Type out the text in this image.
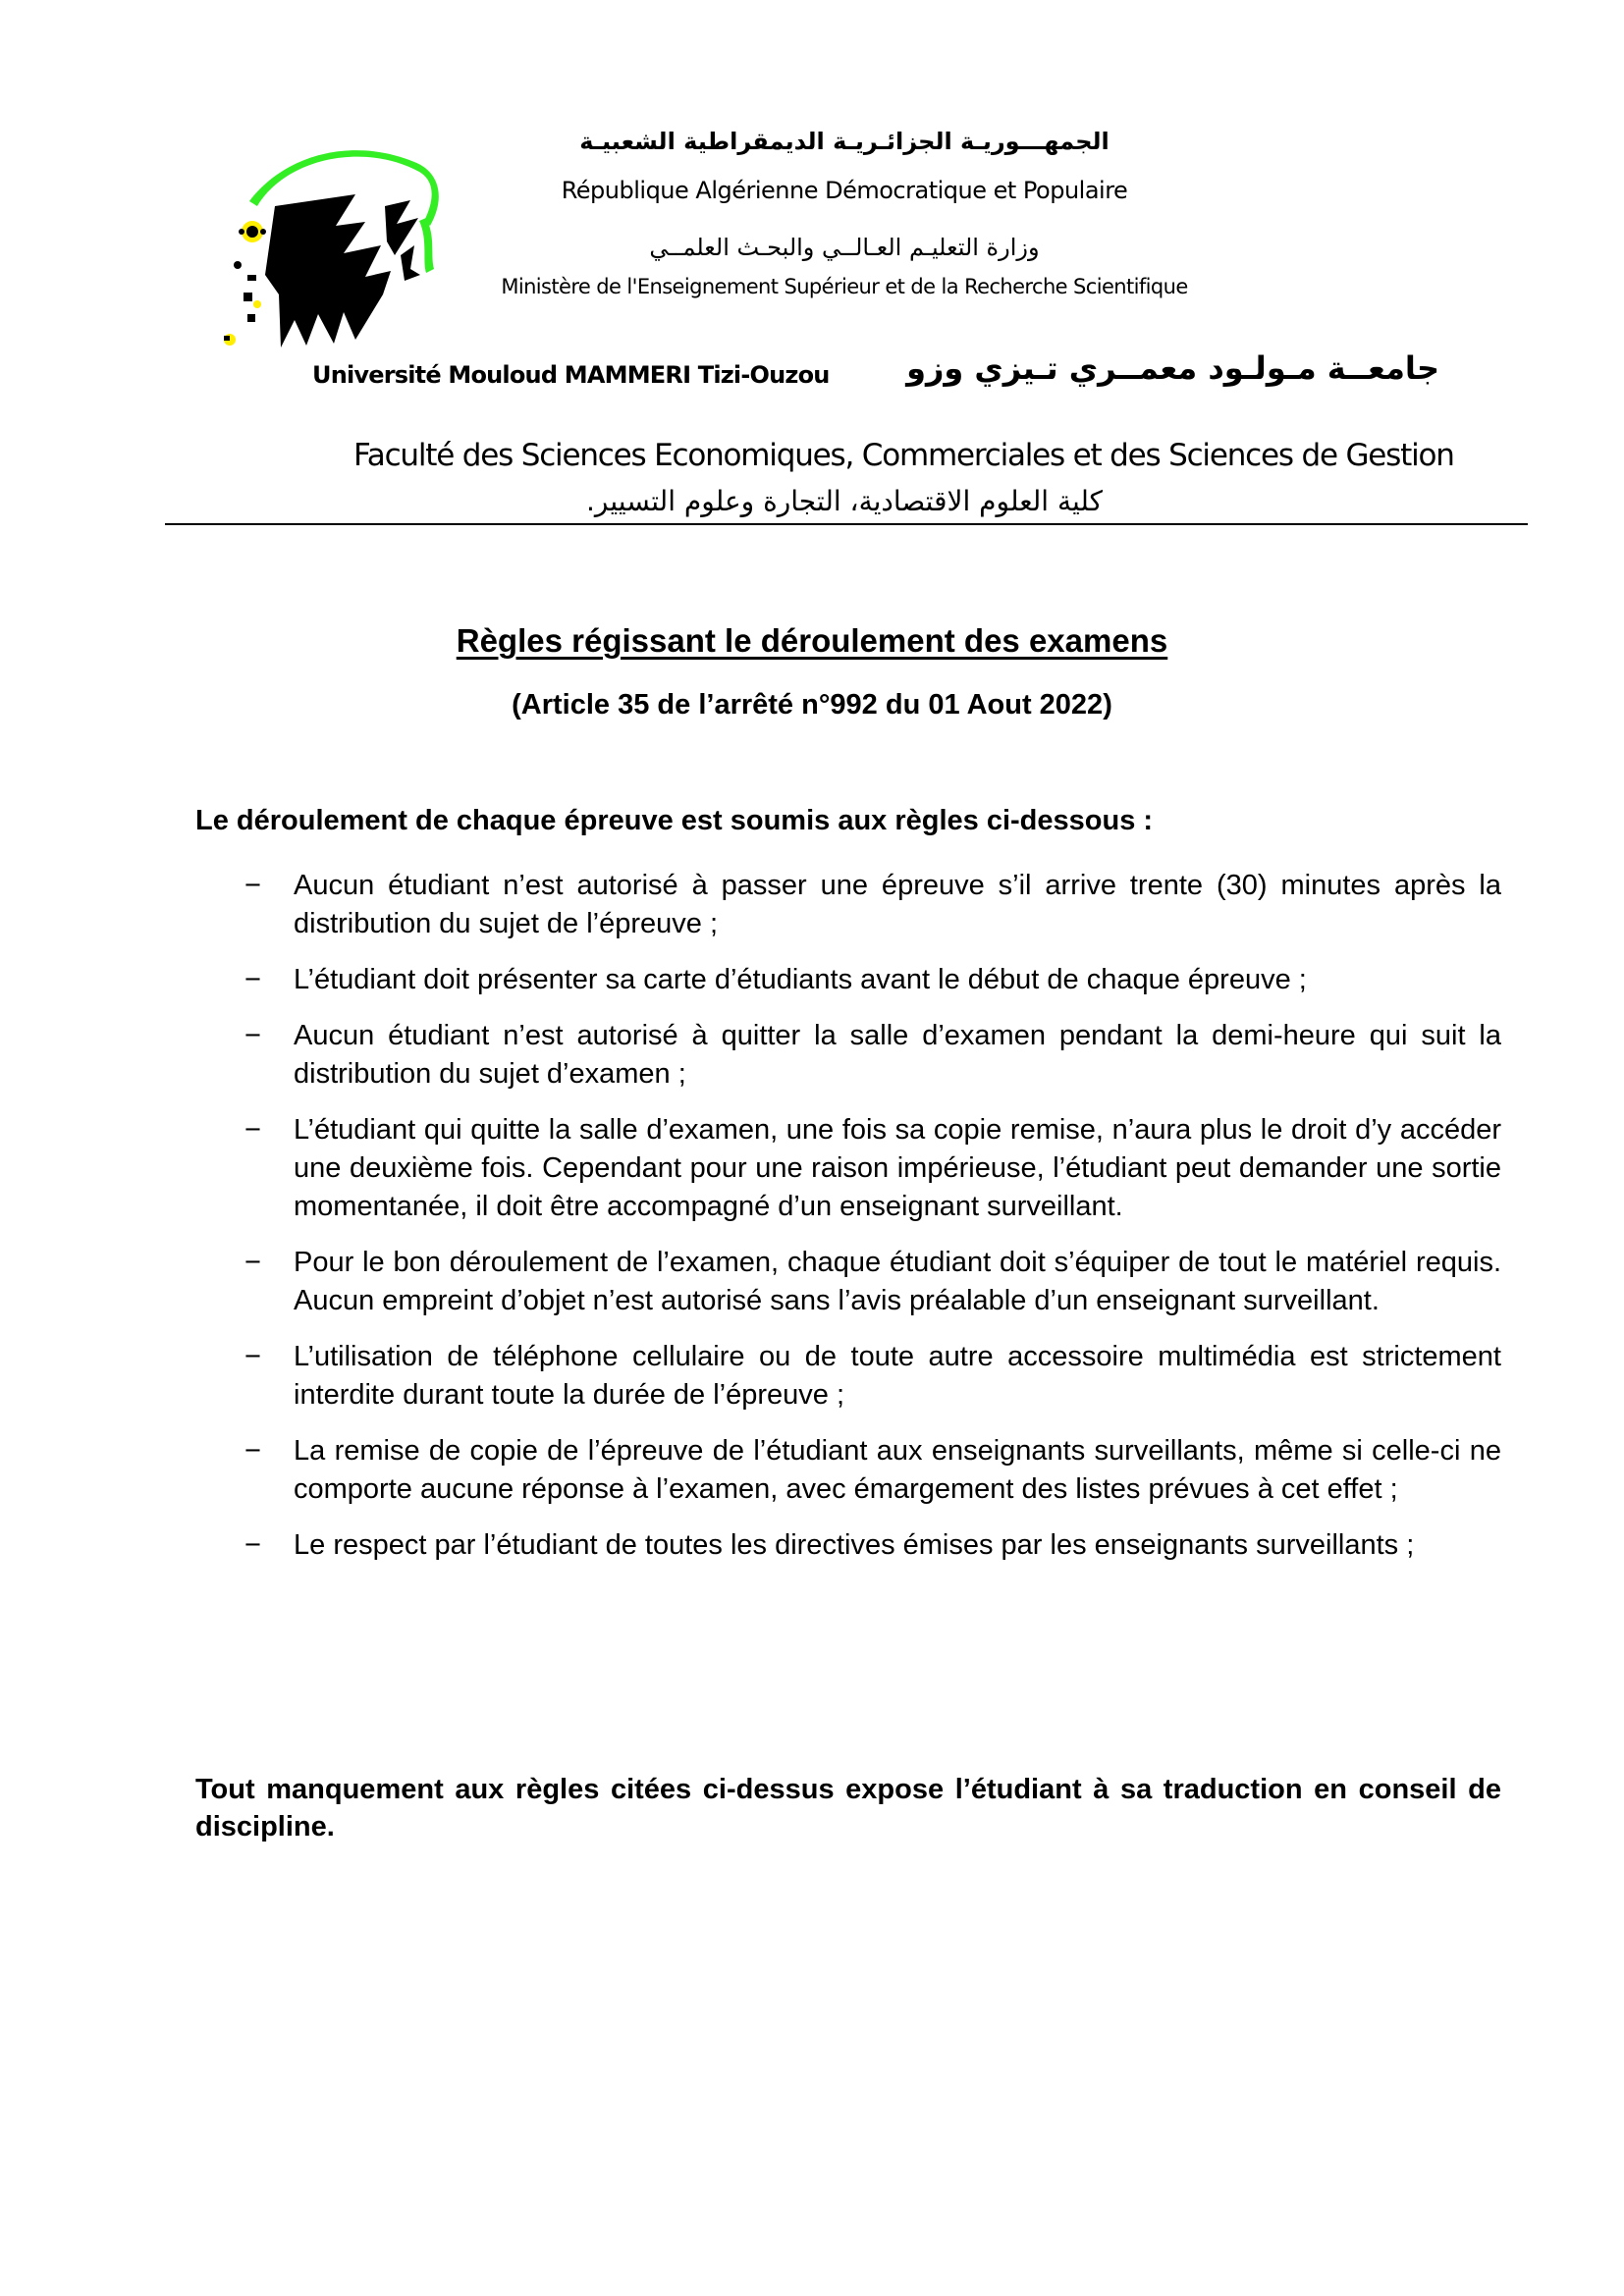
الجمهـــوريـة الجزائـريـة الديمقراطية الشعبيـة

République Algérienne Démocratique et Populaire

وزارة التعليـم العـالــي والبحـث العلمــي

Ministère de l'Enseignement Supérieur et de la Recherche Scientifique

Université Mouloud MAMMERI Tizi-Ouzou جامعــة مـولـود معمــري تـيزي وزو

Faculté des Sciences Economiques, Commerciales et des Sciences de Gestion

كلية العلوم الاقتصادية، التجارة وعلوم التسيير.

Règles régissant le déroulement des examens

(Article 35 de l’arrêté n°992 du 01 Aout 2022)

Le déroulement de chaque épreuve est soumis aux règles ci-dessous :

− Aucun étudiant n’est autorisé à passer une épreuve s’il arrive trente (30) minutes après la distribution du sujet de l’épreuve ;
− L’étudiant doit présenter sa carte d’étudiants avant le début de chaque épreuve ;
− Aucun étudiant n’est autorisé à quitter la salle d’examen pendant la demi-heure qui suit la distribution du sujet d’examen ;
− L’étudiant qui quitte la salle d’examen, une fois sa copie remise, n’aura plus le droit d’y accéder une deuxième fois. Cependant pour une raison impérieuse, l’étudiant peut demander une sortie momentanée, il doit être accompagné d’un enseignant surveillant.
− Pour le bon déroulement de l’examen, chaque étudiant doit s’équiper de tout le matériel requis. Aucun empreint d’objet n’est autorisé sans l’avis préalable d’un enseignant surveillant.
− L’utilisation de téléphone cellulaire ou de toute autre accessoire multimédia est strictement interdite durant toute la durée de l’épreuve ;
− La remise de copie de l’épreuve de l’étudiant aux enseignants surveillants, même si celle-ci ne comporte aucune réponse à l’examen, avec émargement des listes prévues à cet effet ;
− Le respect par l’étudiant de toutes les directives émises par les enseignants surveillants ;

Tout manquement aux règles citées ci-dessus expose l’étudiant à sa traduction en conseil de discipline.
